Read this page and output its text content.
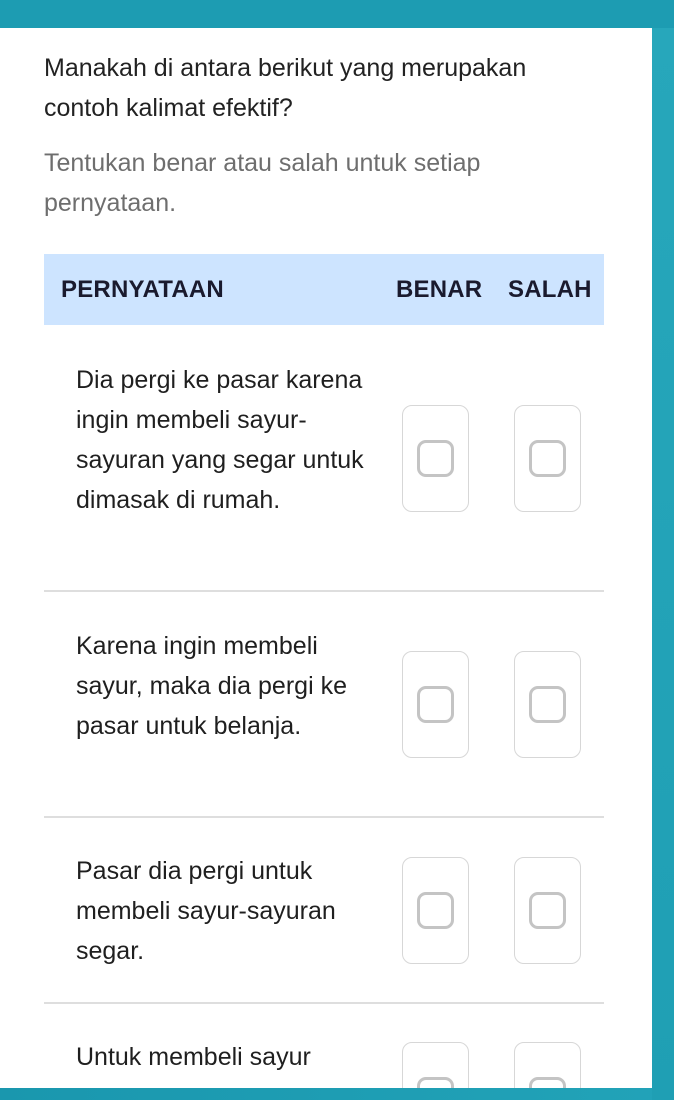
Manakah di antara berikut yang merupakan contoh kalimat efektif?
Tentukan benar atau salah untuk setiap pernyataan.
PERNYATAAN	BENAR SALAH
Dia pergi ke pasar karena ingin membeli sayur-sayuran yang segar untuk dimasak di rumah.
Karena ingin membeli sayur, maka dia pergi ke pasar untuk belanja.
Pasar dia pergi untuk membeli sayur-sayuran segar.
Untuk membeli sayur
